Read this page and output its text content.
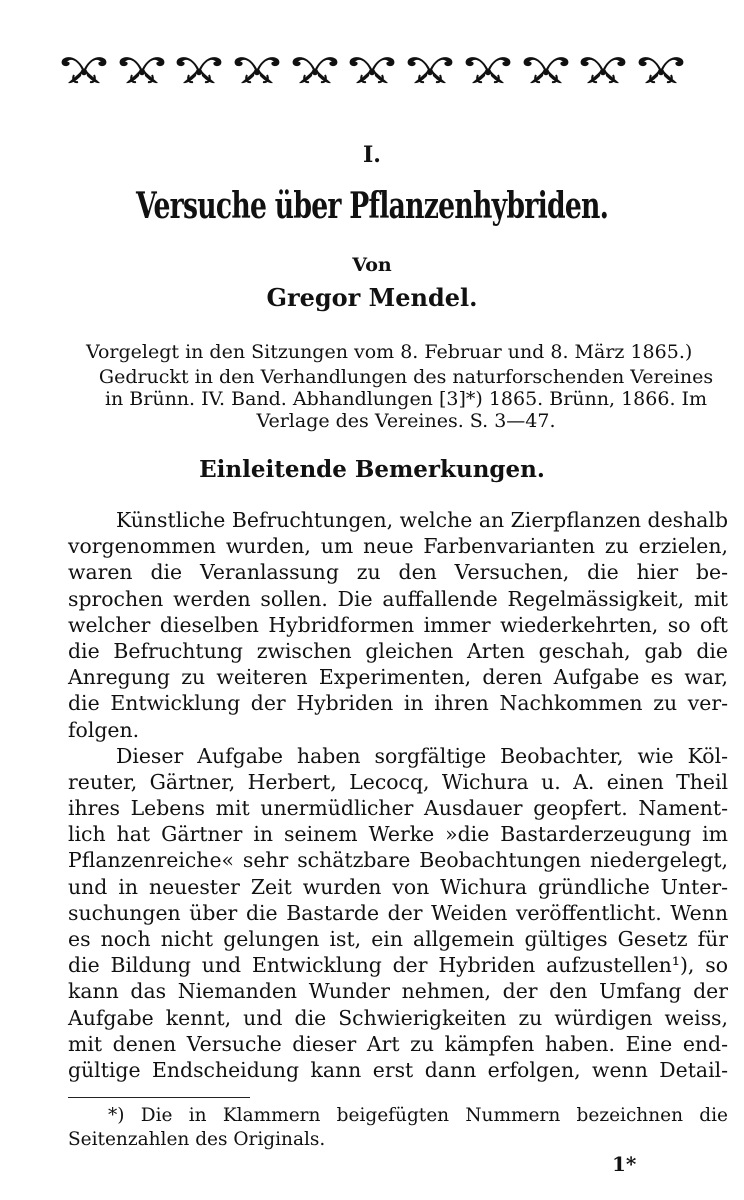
I.
Versuche über Pflanzenhybriden.
Von
Gregor Mendel.
Vorgelegt in den Sitzungen vom 8. Februar und 8. März 1865.)
Gedruckt in den Verhandlungen des naturforschenden Vereines
in Brünn. IV. Band. Abhandlungen [3]*) 1865. Brünn, 1866. Im
Verlage des Vereines. S. 3—47.
Einleitende Bemerkungen.
Künstliche Befruchtungen, welche an Zierpflanzen deshalb
vorgenommen wurden, um neue Farbenvarianten zu erzielen,
waren die Veranlassung zu den Versuchen, die hier be-
sprochen werden sollen. Die auffallende Regelmässigkeit, mit
welcher dieselben Hybridformen immer wiederkehrten, so oft
die Befruchtung zwischen gleichen Arten geschah, gab die
Anregung zu weiteren Experimenten, deren Aufgabe es war,
die Entwicklung der Hybriden in ihren Nachkommen zu ver-
folgen.
Dieser Aufgabe haben sorgfältige Beobachter, wie Köl-
reuter, Gärtner, Herbert, Lecocq, Wichura u. A. einen Theil
ihres Lebens mit unermüdlicher Ausdauer geopfert. Nament-
lich hat Gärtner in seinem Werke »die Bastarderzeugung im
Pflanzenreiche« sehr schätzbare Beobachtungen niedergelegt,
und in neuester Zeit wurden von Wichura gründliche Unter-
suchungen über die Bastarde der Weiden veröffentlicht. Wenn
es noch nicht gelungen ist, ein allgemein gültiges Gesetz für
die Bildung und Entwicklung der Hybriden aufzustellen¹), so
kann das Niemanden Wunder nehmen, der den Umfang der
Aufgabe kennt, und die Schwierigkeiten zu würdigen weiss,
mit denen Versuche dieser Art zu kämpfen haben. Eine end-
gültige Endscheidung kann erst dann erfolgen, wenn Detail-
*) Die in Klammern beigefügten Nummern bezeichnen die
Seitenzahlen des Originals.
1*
